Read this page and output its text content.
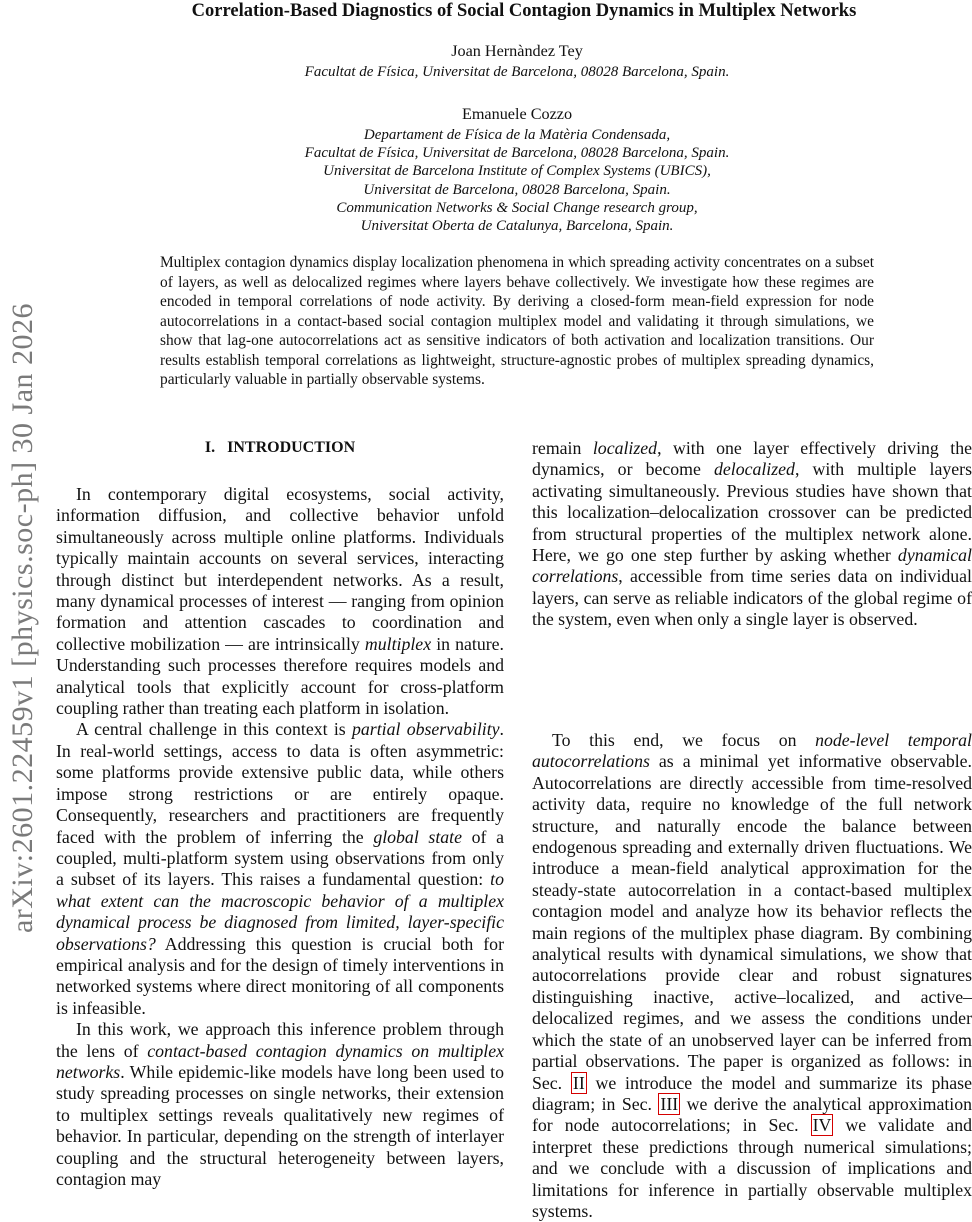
arXiv:2601.22459v1 [physics.soc-ph] 30 Jan 2026
Correlation-Based Diagnostics of Social Contagion Dynamics in Multiplex Networks
Joan Hernàndez Tey
Facultat de Física, Universitat de Barcelona, 08028 Barcelona, Spain.
Emanuele Cozzo
Departament de Física de la Matèria Condensada,
Facultat de Física, Universitat de Barcelona, 08028 Barcelona, Spain.
Universitat de Barcelona Institute of Complex Systems (UBICS),
Universitat de Barcelona, 08028 Barcelona, Spain.
Communication Networks & Social Change research group,
Universitat Oberta de Catalunya, Barcelona, Spain.

Multiplex contagion dynamics display localization phenomena in which spreading activity concentrates on a subset of layers, as well as delocalized regimes where layers behave collectively. We investigate how these regimes are encoded in temporal correlations of node activity. By deriving a closed-form mean-field expression for node autocorrelations in a contact-based social contagion multiplex model and validating it through simulations, we show that lag-one autocorrelations act as sensitive indicators of both activation and localization transitions. Our results establish temporal correlations as lightweight, structure-agnostic probes of multiplex spreading dynamics, particularly valuable in partially observable systems.

I. INTRODUCTION

In contemporary digital ecosystems, social activity, information diffusion, and collective behavior unfold simultaneously across multiple online platforms. Individuals typically maintain accounts on several services, interacting through distinct but interdependent networks. As a result, many dynamical processes of interest — ranging from opinion formation and attention cascades to coordination and collective mobilization — are intrinsically multiplex in nature. Understanding such processes therefore requires models and analytical tools that explicitly account for cross-platform coupling rather than treating each platform in isolation.

A central challenge in this context is partial observability. In real-world settings, access to data is often asymmetric: some platforms provide extensive public data, while others impose strong restrictions or are entirely opaque. Consequently, researchers and practitioners are frequently faced with the problem of inferring the global state of a coupled, multi-platform system using observations from only a subset of its layers. This raises a fundamental question: to what extent can the macroscopic behavior of a multiplex dynamical process be diagnosed from limited, layer-specific observations? Addressing this question is crucial both for empirical analysis and for the design of timely interventions in networked systems where direct monitoring of all components is infeasible.

In this work, we approach this inference problem through the lens of contact-based contagion dynamics on multiplex networks. While epidemic-like models have long been used to study spreading processes on single networks, their extension to multiplex settings reveals qualitatively new regimes of behavior. In particular, depending on the strength of interlayer coupling and the structural heterogeneity between layers, contagion may

remain localized, with one layer effectively driving the dynamics, or become delocalized, with multiple layers activating simultaneously. Previous studies have shown that this localization–delocalization crossover can be predicted from structural properties of the multiplex network alone. Here, we go one step further by asking whether dynamical correlations, accessible from time series data on individual layers, can serve as reliable indicators of the global regime of the system, even when only a single layer is observed.

To this end, we focus on node-level temporal autocorrelations as a minimal yet informative observable. Autocorrelations are directly accessible from time-resolved activity data, require no knowledge of the full network structure, and naturally encode the balance between endogenous spreading and externally driven fluctuations. We introduce a mean-field analytical approximation for the steady-state autocorrelation in a contact-based multiplex contagion model and analyze how its behavior reflects the main regions of the multiplex phase diagram. By combining analytical results with dynamical simulations, we show that autocorrelations provide clear and robust signatures distinguishing inactive, active–localized, and active–delocalized regimes, and we assess the conditions under which the state of an unobserved layer can be inferred from partial observations. The paper is organized as follows: in Sec. II we introduce the model and summarize its phase diagram; in Sec. III we derive the analytical approximation for node autocorrelations; in Sec. IV we validate and interpret these predictions through numerical simulations; and we conclude with a discussion of implications and limitations for inference in partially observable multiplex systems.
